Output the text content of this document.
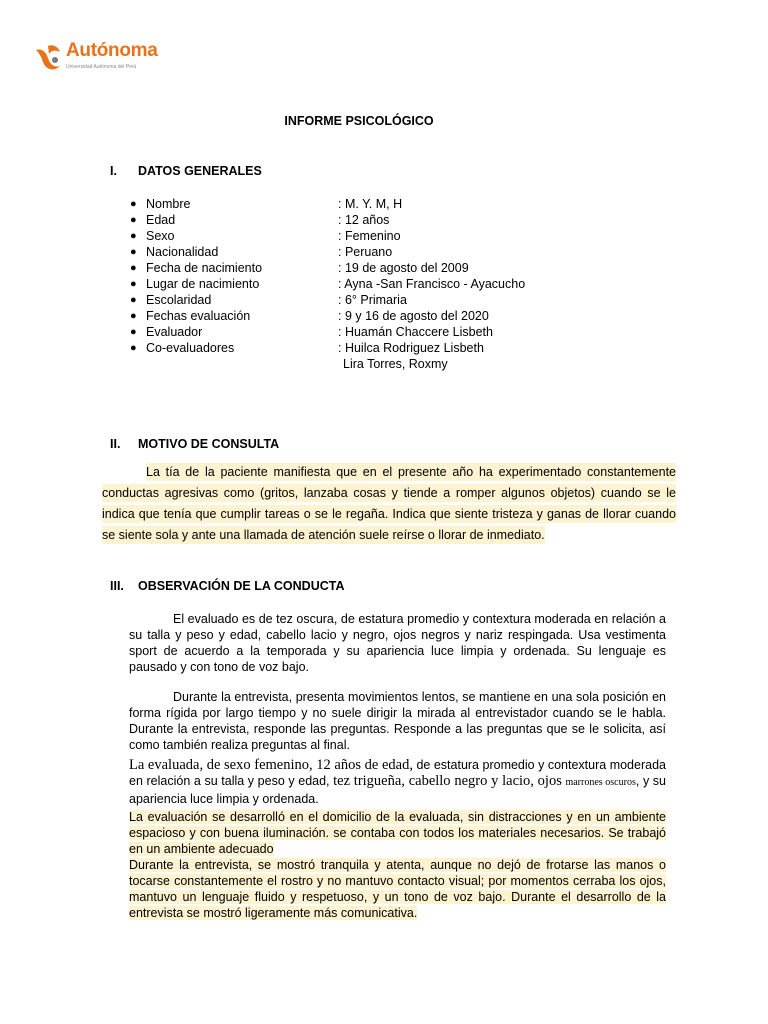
Autónoma
Universidad Autónoma del Perú
INFORME PSICOLÓGICO
I. DATOS GENERALES
● Nombre	: M. Y. M, H
● Edad	: 12 años
● Sexo	: Femenino
● Nacionalidad	: Peruano
● Fecha de nacimiento	: 19 de agosto del 2009
● Lugar de nacimiento	: Ayna -San Francisco - Ayacucho
● Escolaridad	: 6° Primaria
● Fechas evaluación	: 9 y 16 de agosto del 2020
● Evaluador	: Huamán Chaccere Lisbeth
● Co-evaluadores	: Huilca Rodriguez Lisbeth
Lira Torres, Roxmy
II. MOTIVO DE CONSULTA
La tía de la paciente manifiesta que en el presente año ha experimentado constantemente conductas agresivas como (gritos, lanzaba cosas y tiende a romper algunos objetos) cuando se le indica que tenía que cumplir tareas o se le regaña. Indica que siente tristeza y ganas de llorar cuando se siente sola y ante una llamada de atención suele reírse o llorar de inmediato.
III. OBSERVACIÓN DE LA CONDUCTA
El evaluado es de tez oscura, de estatura promedio y contextura moderada en relación a su talla y peso y edad, cabello lacio y negro, ojos negros y nariz respingada. Usa vestimenta sport de acuerdo a la temporada y su apariencia luce limpia y ordenada. Su lenguaje es pausado y con tono de voz bajo.
Durante la entrevista, presenta movimientos lentos, se mantiene en una sola posición en forma rígida por largo tiempo y no suele dirigir la mirada al entrevistador cuando se le habla. Durante la entrevista, responde las preguntas. Responde a las preguntas que se le solicita, así como también realiza preguntas al final.
La evaluada, de sexo femenino, 12 años de edad, de estatura promedio y contextura moderada en relación a su talla y peso y edad, tez trigueña, cabello negro y lacio, ojos marrones oscuros, y su apariencia luce limpia y ordenada.
La evaluación se desarrolló en el domicilio de la evaluada, sin distracciones y en un ambiente espacioso y con buena iluminación. se contaba con todos los materiales necesarios. Se trabajó en un ambiente adecuado
Durante la entrevista, se mostró tranquila y atenta, aunque no dejó de frotarse las manos o tocarse constantemente el rostro y no mantuvo contacto visual; por momentos cerraba los ojos, mantuvo un lenguaje fluido y respetuoso, y un tono de voz bajo. Durante el desarrollo de la entrevista se mostró ligeramente más comunicativa.
